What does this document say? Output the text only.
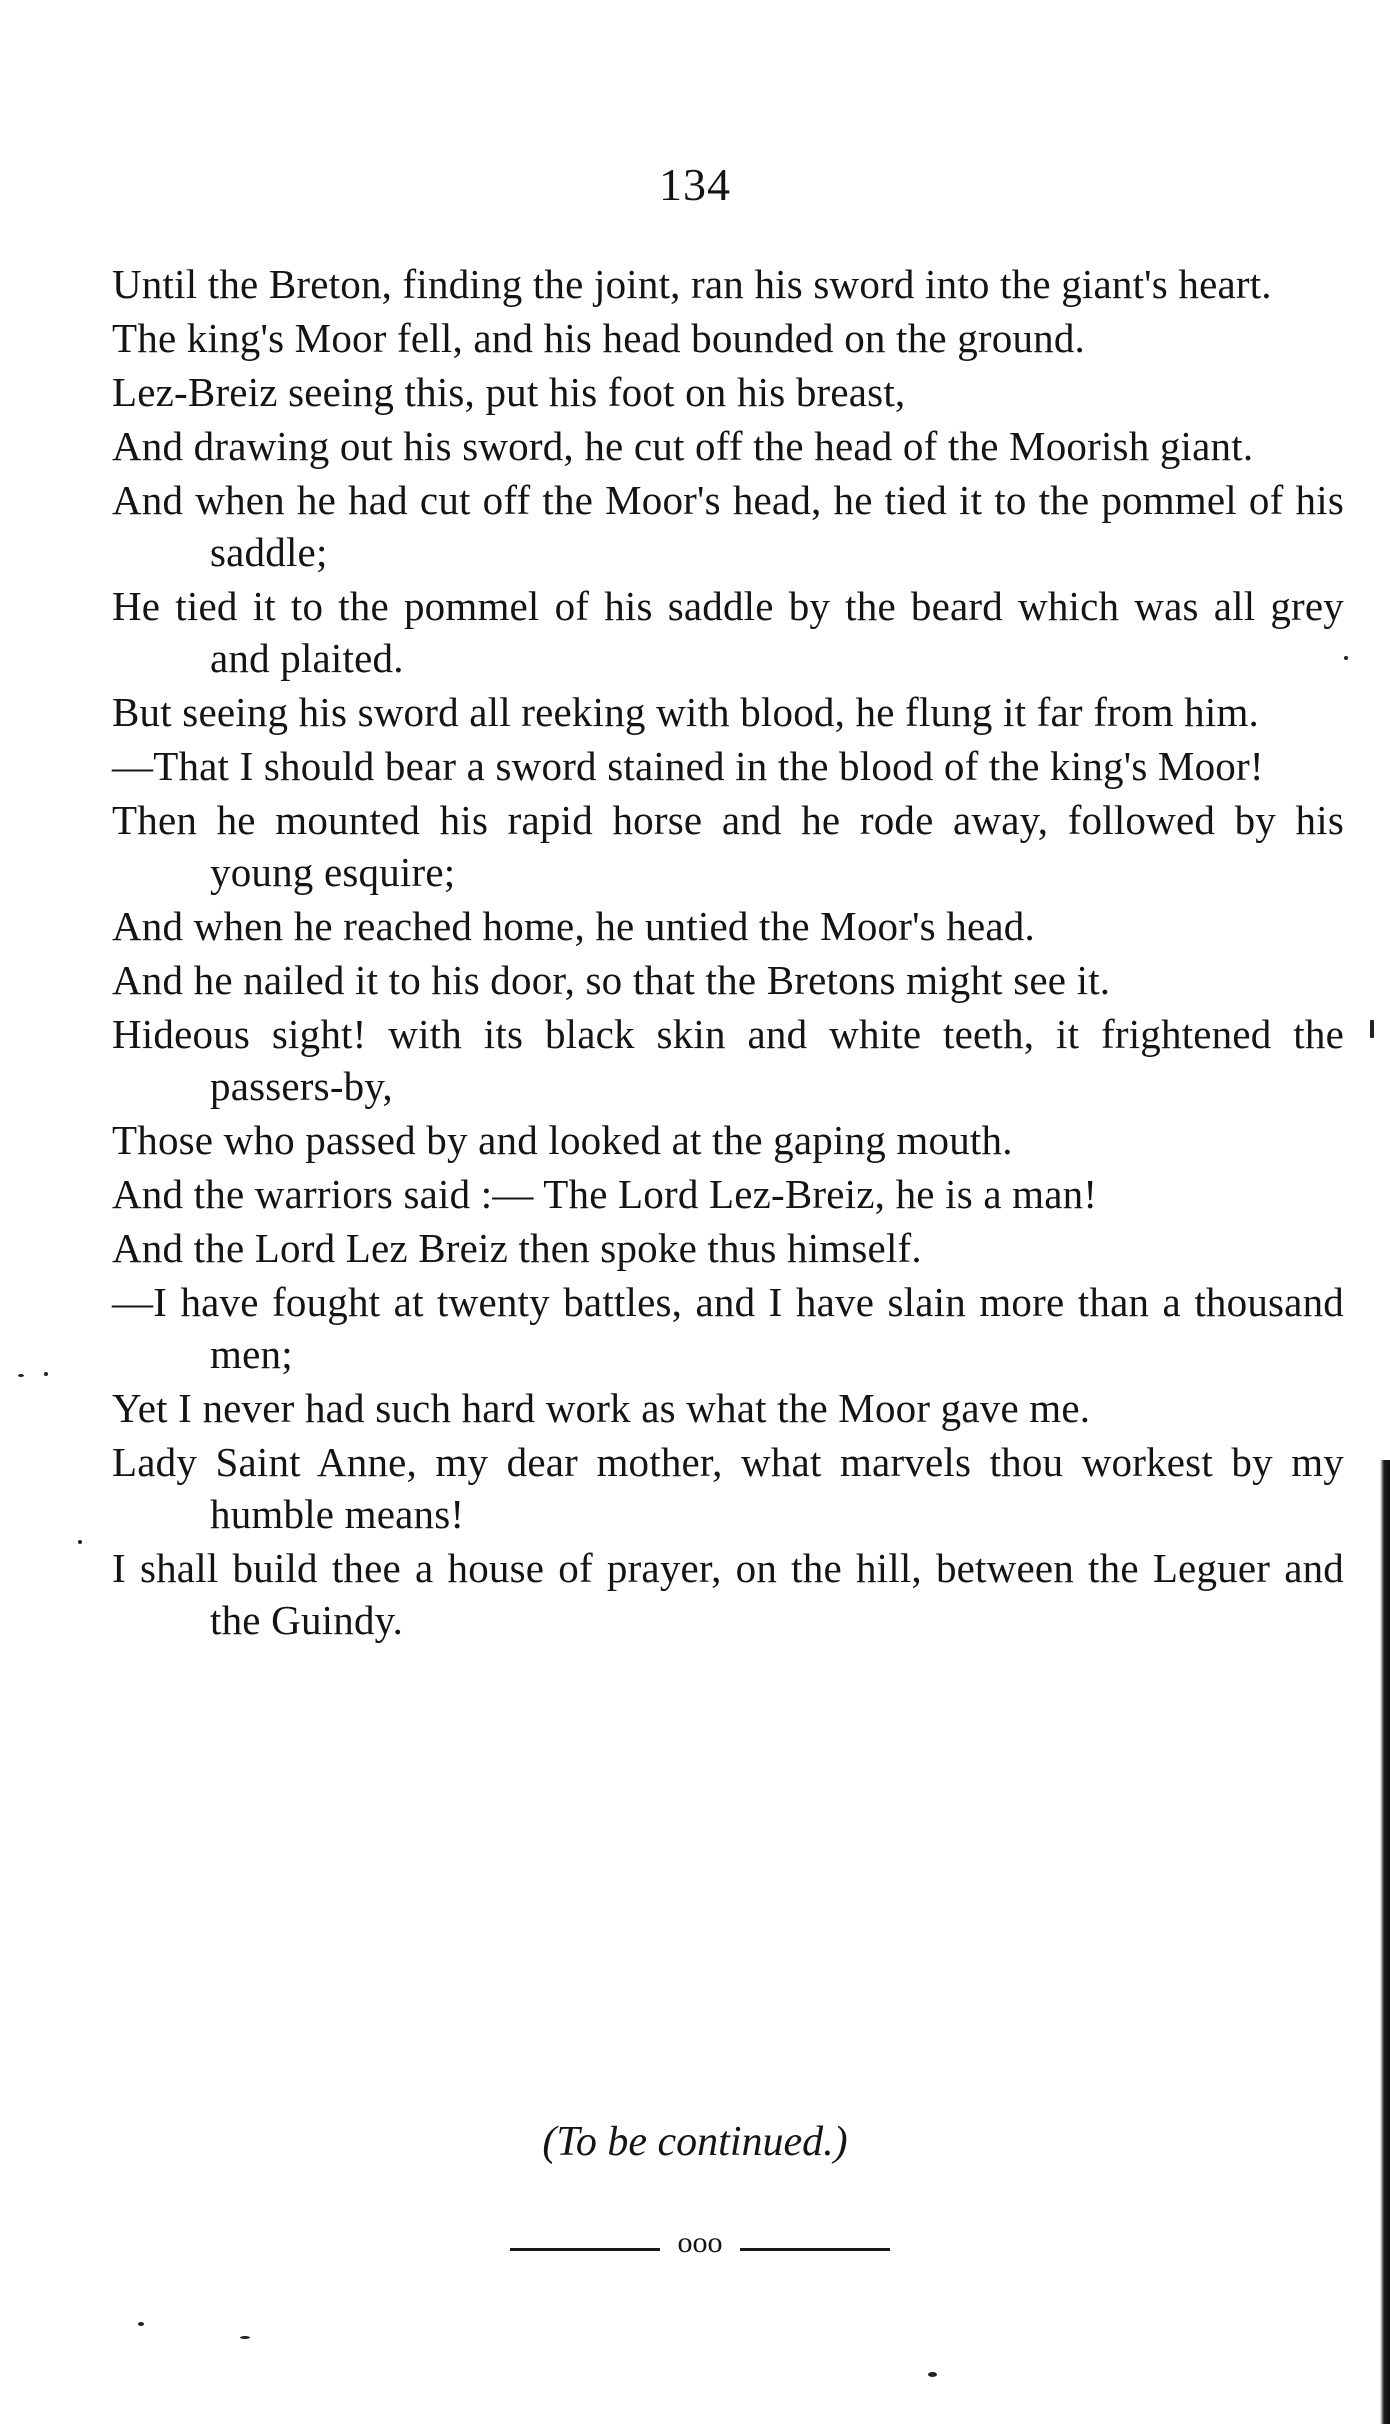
134
Until the Breton, finding the joint, ran his sword into the giant's heart.
The king's Moor fell, and his head bounded on the ground.
Lez-Breiz seeing this, put his foot on his breast,
And drawing out his sword, he cut off the head of the Moorish giant.
And when he had cut off the Moor's head, he tied it to the pommel of his saddle;
He tied it to the pommel of his saddle by the beard which was all grey and plaited.
But seeing his sword all reeking with blood, he flung it far from him.
—That I should bear a sword stained in the blood of the king's Moor!
Then he mounted his rapid horse and he rode away, followed by his young esquire;
And when he reached home, he untied the Moor's head.
And he nailed it to his door, so that the Bretons might see it.
Hideous sight! with its black skin and white teeth, it frightened the passers-by,
Those who passed by and looked at the gaping mouth.
And the warriors said :— The Lord Lez-Breiz, he is a man!
And the Lord Lez Breiz then spoke thus himself.
—I have fought at twenty battles, and I have slain more than a thousand men;
Yet I never had such hard work as what the Moor gave me.
Lady Saint Anne, my dear mother, what marvels thou workest by my humble means!
I shall build thee a house of prayer, on the hill, between the Leguer and the Guindy.
(To be continued.)
ooo
